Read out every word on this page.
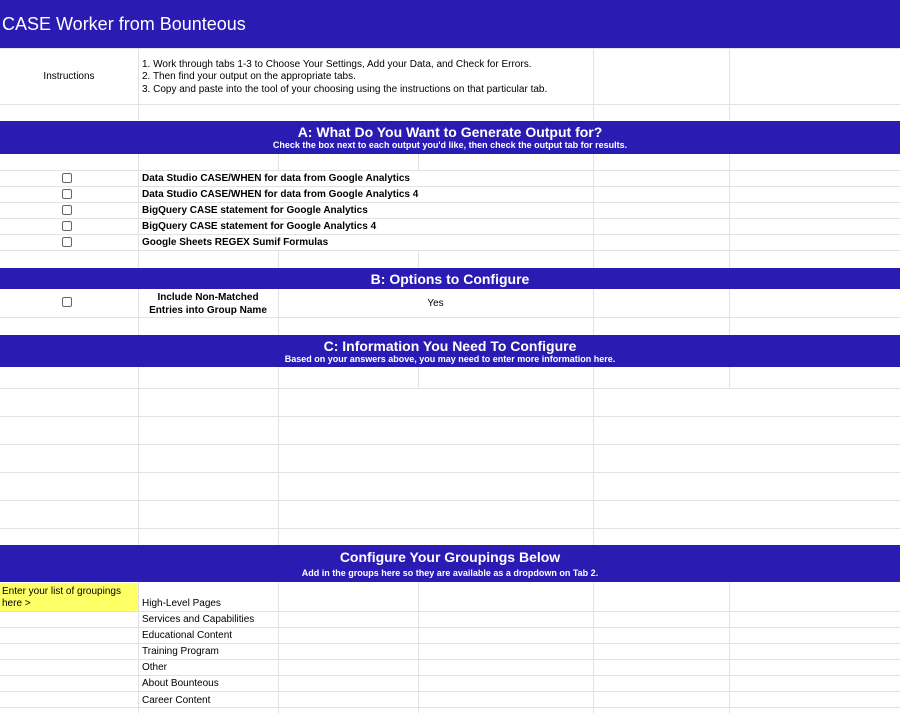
CASE Worker from Bounteous
Instructions
1. Work through tabs 1-3 to Choose Your Settings, Add your Data, and Check for Errors.
2. Then find your output on the appropriate tabs.
3. Copy and paste into the tool of your choosing using the instructions on that particular tab.
A: What Do You Want to Generate Output for?
Check the box next to each output you'd like, then check the output tab for results.
Data Studio CASE/WHEN for data from Google Analytics
Data Studio CASE/WHEN for data from Google Analytics 4
BigQuery CASE statement for Google Analytics
BigQuery CASE statement for Google Analytics 4
Google Sheets REGEX Sumif Formulas
B: Options to Configure
Include Non-Matched
Entries into Group Name
Yes
C: Information You Need To Configure
Based on your answers above, you may need to enter more information here.
Configure Your Groupings Below
Add in the groups here so they are available as a dropdown on Tab 2.
Enter your list of groupings
here >	High-Level Pages
Services and Capabilities
Educational Content
Training Program
Other
About Bounteous
Career Content
